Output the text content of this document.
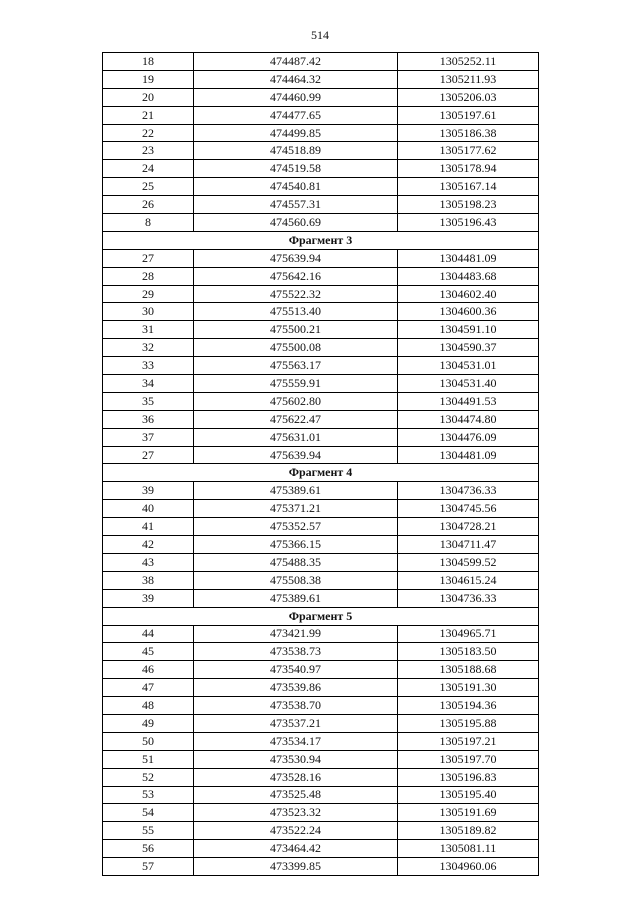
514
18	474487.42	1305252.11
19	474464.32	1305211.93
20	474460.99	1305206.03
21	474477.65	1305197.61
22	474499.85	1305186.38
23	474518.89	1305177.62
24	474519.58	1305178.94
25	474540.81	1305167.14
26	474557.31	1305198.23
8	474560.69	1305196.43
Фрагмент 3		
27	475639.94	1304481.09
28	475642.16	1304483.68
29	475522.32	1304602.40
30	475513.40	1304600.36
31	475500.21	1304591.10
32	475500.08	1304590.37
33	475563.17	1304531.01
34	475559.91	1304531.40
35	475602.80	1304491.53
36	475622.47	1304474.80
37	475631.01	1304476.09
27	475639.94	1304481.09
Фрагмент 4		
39	475389.61	1304736.33
40	475371.21	1304745.56
41	475352.57	1304728.21
42	475366.15	1304711.47
43	475488.35	1304599.52
38	475508.38	1304615.24
39	475389.61	1304736.33
Фрагмент 5		
44	473421.99	1304965.71
45	473538.73	1305183.50
46	473540.97	1305188.68
47	473539.86	1305191.30
48	473538.70	1305194.36
49	473537.21	1305195.88
50	473534.17	1305197.21
51	473530.94	1305197.70
52	473528.16	1305196.83
53	473525.48	1305195.40
54	473523.32	1305191.69
55	473522.24	1305189.82
56	473464.42	1305081.11
57	473399.85	1304960.06
